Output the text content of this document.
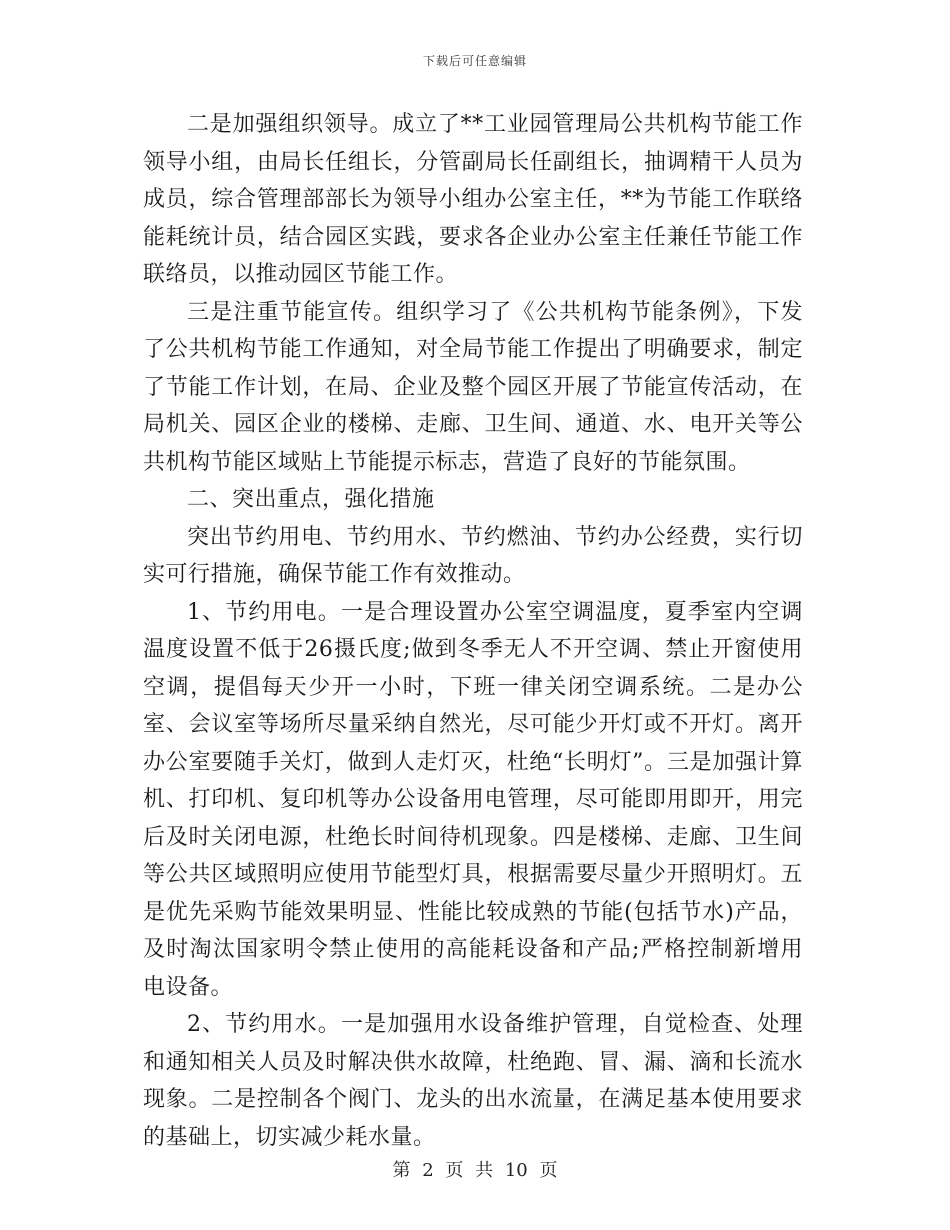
下载后可任意编辑

二是加强组织领导。成立了**工业园管理局公共机构节能工作领导小组，由局长任组长，分管副局长任副组长，抽调精干人员为成员，综合管理部部长为领导小组办公室主任，**为节能工作联络能耗统计员，结合园区实践，要求各企业办公室主任兼任节能工作联络员，以推动园区节能工作。

三是注重节能宣传。组织学习了《公共机构节能条例》，下发了公共机构节能工作通知，对全局节能工作提出了明确要求，制定了节能工作计划，在局、企业及整个园区开展了节能宣传活动，在局机关、园区企业的楼梯、走廊、卫生间、通道、水、电开关等公共机构节能区域贴上节能提示标志，营造了良好的节能氛围。

二、突出重点，强化措施

突出节约用电、节约用水、节约燃油、节约办公经费，实行切实可行措施，确保节能工作有效推动。

1、节约用电。一是合理设置办公室空调温度，夏季室内空调温度设置不低于26摄氏度;做到冬季无人不开空调、禁止开窗使用空调，提倡每天少开一小时，下班一律关闭空调系统。二是办公室、会议室等场所尽量采纳自然光，尽可能少开灯或不开灯。离开办公室要随手关灯，做到人走灯灭，杜绝“长明灯”。三是加强计算机、打印机、复印机等办公设备用电管理，尽可能即用即开，用完后及时关闭电源，杜绝长时间待机现象。四是楼梯、走廊、卫生间等公共区域照明应使用节能型灯具，根据需要尽量少开照明灯。五是优先采购节能效果明显、性能比较成熟的节能(包括节水)产品，及时淘汰国家明令禁止使用的高能耗设备和产品;严格控制新增用电设备。

2、节约用水。一是加强用水设备维护管理，自觉检查、处理和通知相关人员及时解决供水故障，杜绝跑、冒、漏、滴和长流水现象。二是控制各个阀门、龙头的出水流量，在满足基本使用要求的基础上，切实减少耗水量。

第 2 页 共 10 页
